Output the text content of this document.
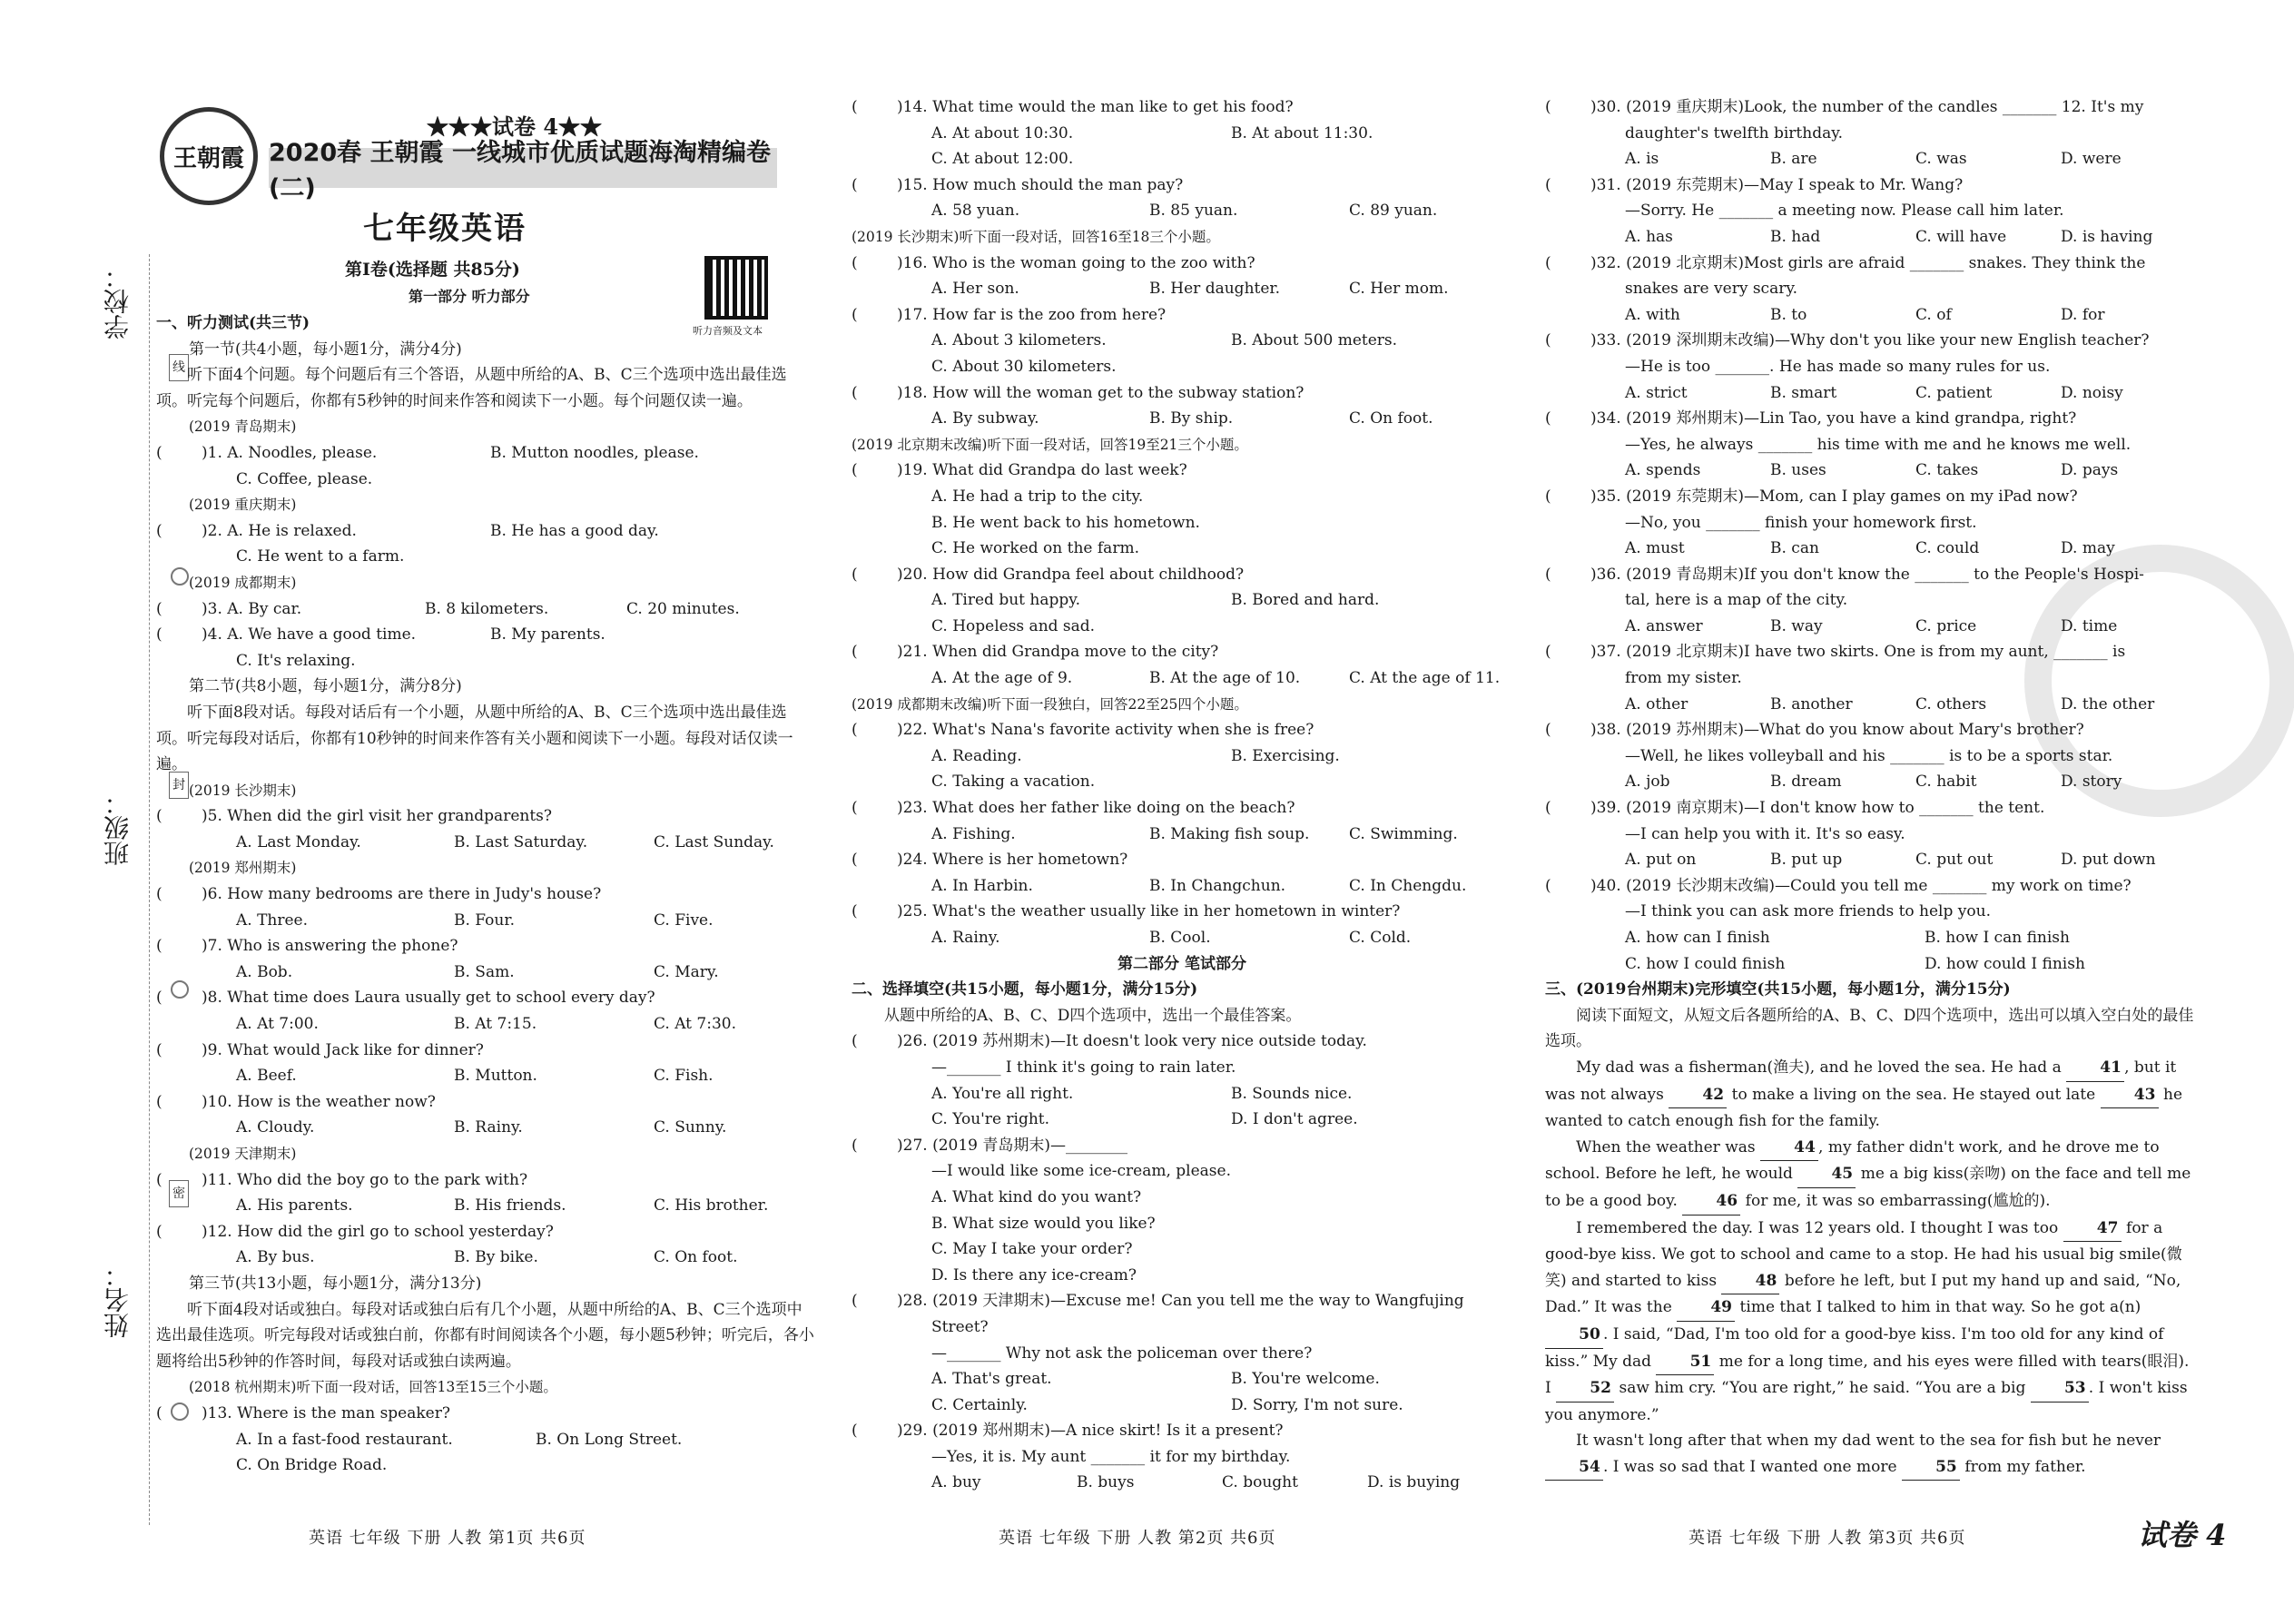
学校：
班级：
姓名：
线
封
密
王朝霞
★★★试卷 4★★
2020春 王朝霞 一线城市优质试题海淘精编卷(二)
七年级英语
第Ⅰ卷(选择题 共85分)
第一部分 听力部分
听力音频及文本
一、听力测试(共三节)
第一节(共4小题，每小题1分，满分4分)
听下面4个问题。每个问题后有三个答语，从题中所给的A、B、C三个选项中选出最佳选项。听完每个问题后，你都有5秒钟的时间来作答和阅读下一小题。每个问题仅读一遍。
(2019 青岛期末)
(	)1. A. Noodles, please.	B. Mutton noodles, please.
C. Coffee, please.
(2019 重庆期末)
(	)2. A. He is relaxed.	B. He has a good day.
C. He went to a farm.
(2019 成都期末)
(	)3. A. By car.	B. 8 kilometers.	C. 20 minutes.
(	)4. A. We have a good time.	B. My parents.
C. It's relaxing.
第二节(共8小题，每小题1分，满分8分)
听下面8段对话。每段对话后有一个小题，从题中所给的A、B、C三个选项中选出最佳选项。听完每段对话后，你都有10秒钟的时间来作答有关小题和阅读下一小题。每段对话仅读一遍。
(2019 长沙期末)
(	)5. When did the girl visit her grandparents?
A. Last Monday.	B. Last Saturday.	C. Last Sunday.
(2019 郑州期末)
(	)6. How many bedrooms are there in Judy's house?
A. Three.	B. Four.	C. Five.
(	)7. Who is answering the phone?
A. Bob.	B. Sam.	C. Mary.
(	)8. What time does Laura usually get to school every day?
A. At 7:00.	B. At 7:15.	C. At 7:30.
(	)9. What would Jack like for dinner?
A. Beef.	B. Mutton.	C. Fish.
(	)10. How is the weather now?
A. Cloudy.	B. Rainy.	C. Sunny.
(2019 天津期末)
(	)11. Who did the boy go to the park with?
A. His parents.	B. His friends.	C. His brother.
(	)12. How did the girl go to school yesterday?
A. By bus.	B. By bike.	C. On foot.
第三节(共13小题，每小题1分，满分13分)
听下面4段对话或独白。每段对话或独白后有几个小题，从题中所给的A、B、C三个选项中选出最佳选项。听完每段对话或独白前，你都有时间阅读各个小题，每小题5秒钟；听完后，各小题将给出5秒钟的作答时间，每段对话或独白读两遍。
(2018 杭州期末)听下面一段对话，回答13至15三个小题。
(	)13. Where is the man speaker?
A. In a fast-food restaurant.	B. On Long Street.
C. On Bridge Road.
(	)14. What time would the man like to get his food?
A. At about 10:30.	B. At about 11:30.
C. At about 12:00.
(	)15. How much should the man pay?
A. 58 yuan.	B. 85 yuan.	C. 89 yuan.
(2019 长沙期末)听下面一段对话，回答16至18三个小题。
(	)16. Who is the woman going to the zoo with?
A. Her son.	B. Her daughter.	C. Her mom.
(	)17. How far is the zoo from here?
A. About 3 kilometers.	B. About 500 meters.
C. About 30 kilometers.
(	)18. How will the woman get to the subway station?
A. By subway.	B. By ship.	C. On foot.
(2019 北京期末改编)听下面一段对话，回答19至21三个小题。
(	)19. What did Grandpa do last week?
A. He had a trip to the city.
B. He went back to his hometown.
C. He worked on the farm.
(	)20. How did Grandpa feel about childhood?
A. Tired but happy.	B. Bored and hard.
C. Hopeless and sad.
(	)21. When did Grandpa move to the city?
A. At the age of 9.	B. At the age of 10.	C. At the age of 11.
(2019 成都期末改编)听下面一段独白，回答22至25四个小题。
(	)22. What's Nana's favorite activity when she is free?
A. Reading.	B. Exercising.
C. Taking a vacation.
(	)23. What does her father like doing on the beach?
A. Fishing.	B. Making fish soup.	C. Swimming.
(	)24. Where is her hometown?
A. In Harbin.	B. In Changchun.	C. In Chengdu.
(	)25. What's the weather usually like in her hometown in winter?
A. Rainy.	B. Cool.	C. Cold.
第二部分 笔试部分
二、选择填空(共15小题，每小题1分，满分15分)
从题中所给的A、B、C、D四个选项中，选出一个最佳答案。
(	)26. (2019 苏州期末)—It doesn't look very nice outside today.
—_______ I think it's going to rain later.
A. You're all right.	B. Sounds nice.
C. You're right.	D. I don't agree.
(	)27. (2019 青岛期末)—________
—I would like some ice-cream, please.
A. What kind do you want?
B. What size would you like?
C. May I take your order?
D. Is there any ice-cream?
(	)28. (2019 天津期末)—Excuse me! Can you tell me the way to Wangfujing
Street?
—_______ Why not ask the policeman over there?
A. That's great.	B. You're welcome.
C. Certainly.	D. Sorry, I'm not sure.
(	)29. (2019 郑州期末)—A nice skirt! Is it a present?
—Yes, it is. My aunt _______ it for my birthday.
A. buy	B. buys	C. bought	D. is buying
(	)30. (2019 重庆期末)Look, the number of the candles _______ 12. It's my
daughter's twelfth birthday.
A. is	B. are	C. was	D. were
(	)31. (2019 东莞期末)—May I speak to Mr. Wang?
—Sorry. He _______ a meeting now. Please call him later.
A. has	B. had	C. will have	D. is having
(	)32. (2019 北京期末)Most girls are afraid _______ snakes. They think the
snakes are very scary.
A. with	B. to	C. of	D. for
(	)33. (2019 深圳期末改编)—Why don't you like your new English teacher?
—He is too _______. He has made so many rules for us.
A. strict	B. smart	C. patient	D. noisy
(	)34. (2019 郑州期末)—Lin Tao, you have a kind grandpa, right?
—Yes, he always _______ his time with me and he knows me well.
A. spends	B. uses	C. takes	D. pays
(	)35. (2019 东莞期末)—Mom, can I play games on my iPad now?
—No, you _______ finish your homework first.
A. must	B. can	C. could	D. may
(	)36. (2019 青岛期末)If you don't know the _______ to the People's Hospi-
tal, here is a map of the city.
A. answer	B. way	C. price	D. time
(	)37. (2019 北京期末)I have two skirts. One is from my aunt, _______ is
from my sister.
A. other	B. another	C. others	D. the other
(	)38. (2019 苏州期末)—What do you know about Mary's brother?
—Well, he likes volleyball and his _______ is to be a sports star.
A. job	B. dream	C. habit	D. story
(	)39. (2019 南京期末)—I don't know how to _______ the tent.
—I can help you with it. It's so easy.
A. put on	B. put up	C. put out	D. put down
(	)40. (2019 长沙期末改编)—Could you tell me _______ my work on time?
—I think you can ask more friends to help you.
A. how can I finish	B. how I can finish
C. how I could finish	D. how could I finish
三、(2019台州期末)完形填空(共15小题，每小题1分，满分15分)
阅读下面短文，从短文后各题所给的A、B、C、D四个选项中，选出可以填入空白处的最佳选项。
My dad was a fisherman(渔夫), and he loved the sea. He had a 41 , but it was not always 42 to make a living on the sea. He stayed out late 43 he wanted to catch enough fish for the family.
When the weather was 44 , my father didn't work, and he drove me to school. Before he left, he would 45 me a big kiss(亲吻) on the face and tell me to be a good boy. 46 for me, it was so embarrassing(尴尬的).
I remembered the day. I was 12 years old. I thought I was too 47 for a good-bye kiss. We got to school and came to a stop. He had his usual big smile(微笑) and started to kiss 48 before he left, but I put my hand up and said, “No, Dad.” It was the 49 time that I talked to him in that way. So he got a(n) 50 . I said, “Dad, I'm too old for a good-bye kiss. I'm too old for any kind of kiss.” My dad 51 me for a long time, and his eyes were filled with tears(眼泪). I 52 saw him cry. “You are right,” he said. “You are a big 53 . I won't kiss you anymore.”
It wasn't long after that when my dad went to the sea for fish but he never 54 . I was so sad that I wanted one more 55 from my father.
英语 七年级 下册 人教 第1页 共6页	英语 七年级 下册 人教 第2页 共6页	英语 七年级 下册 人教 第3页 共6页	试卷 4
